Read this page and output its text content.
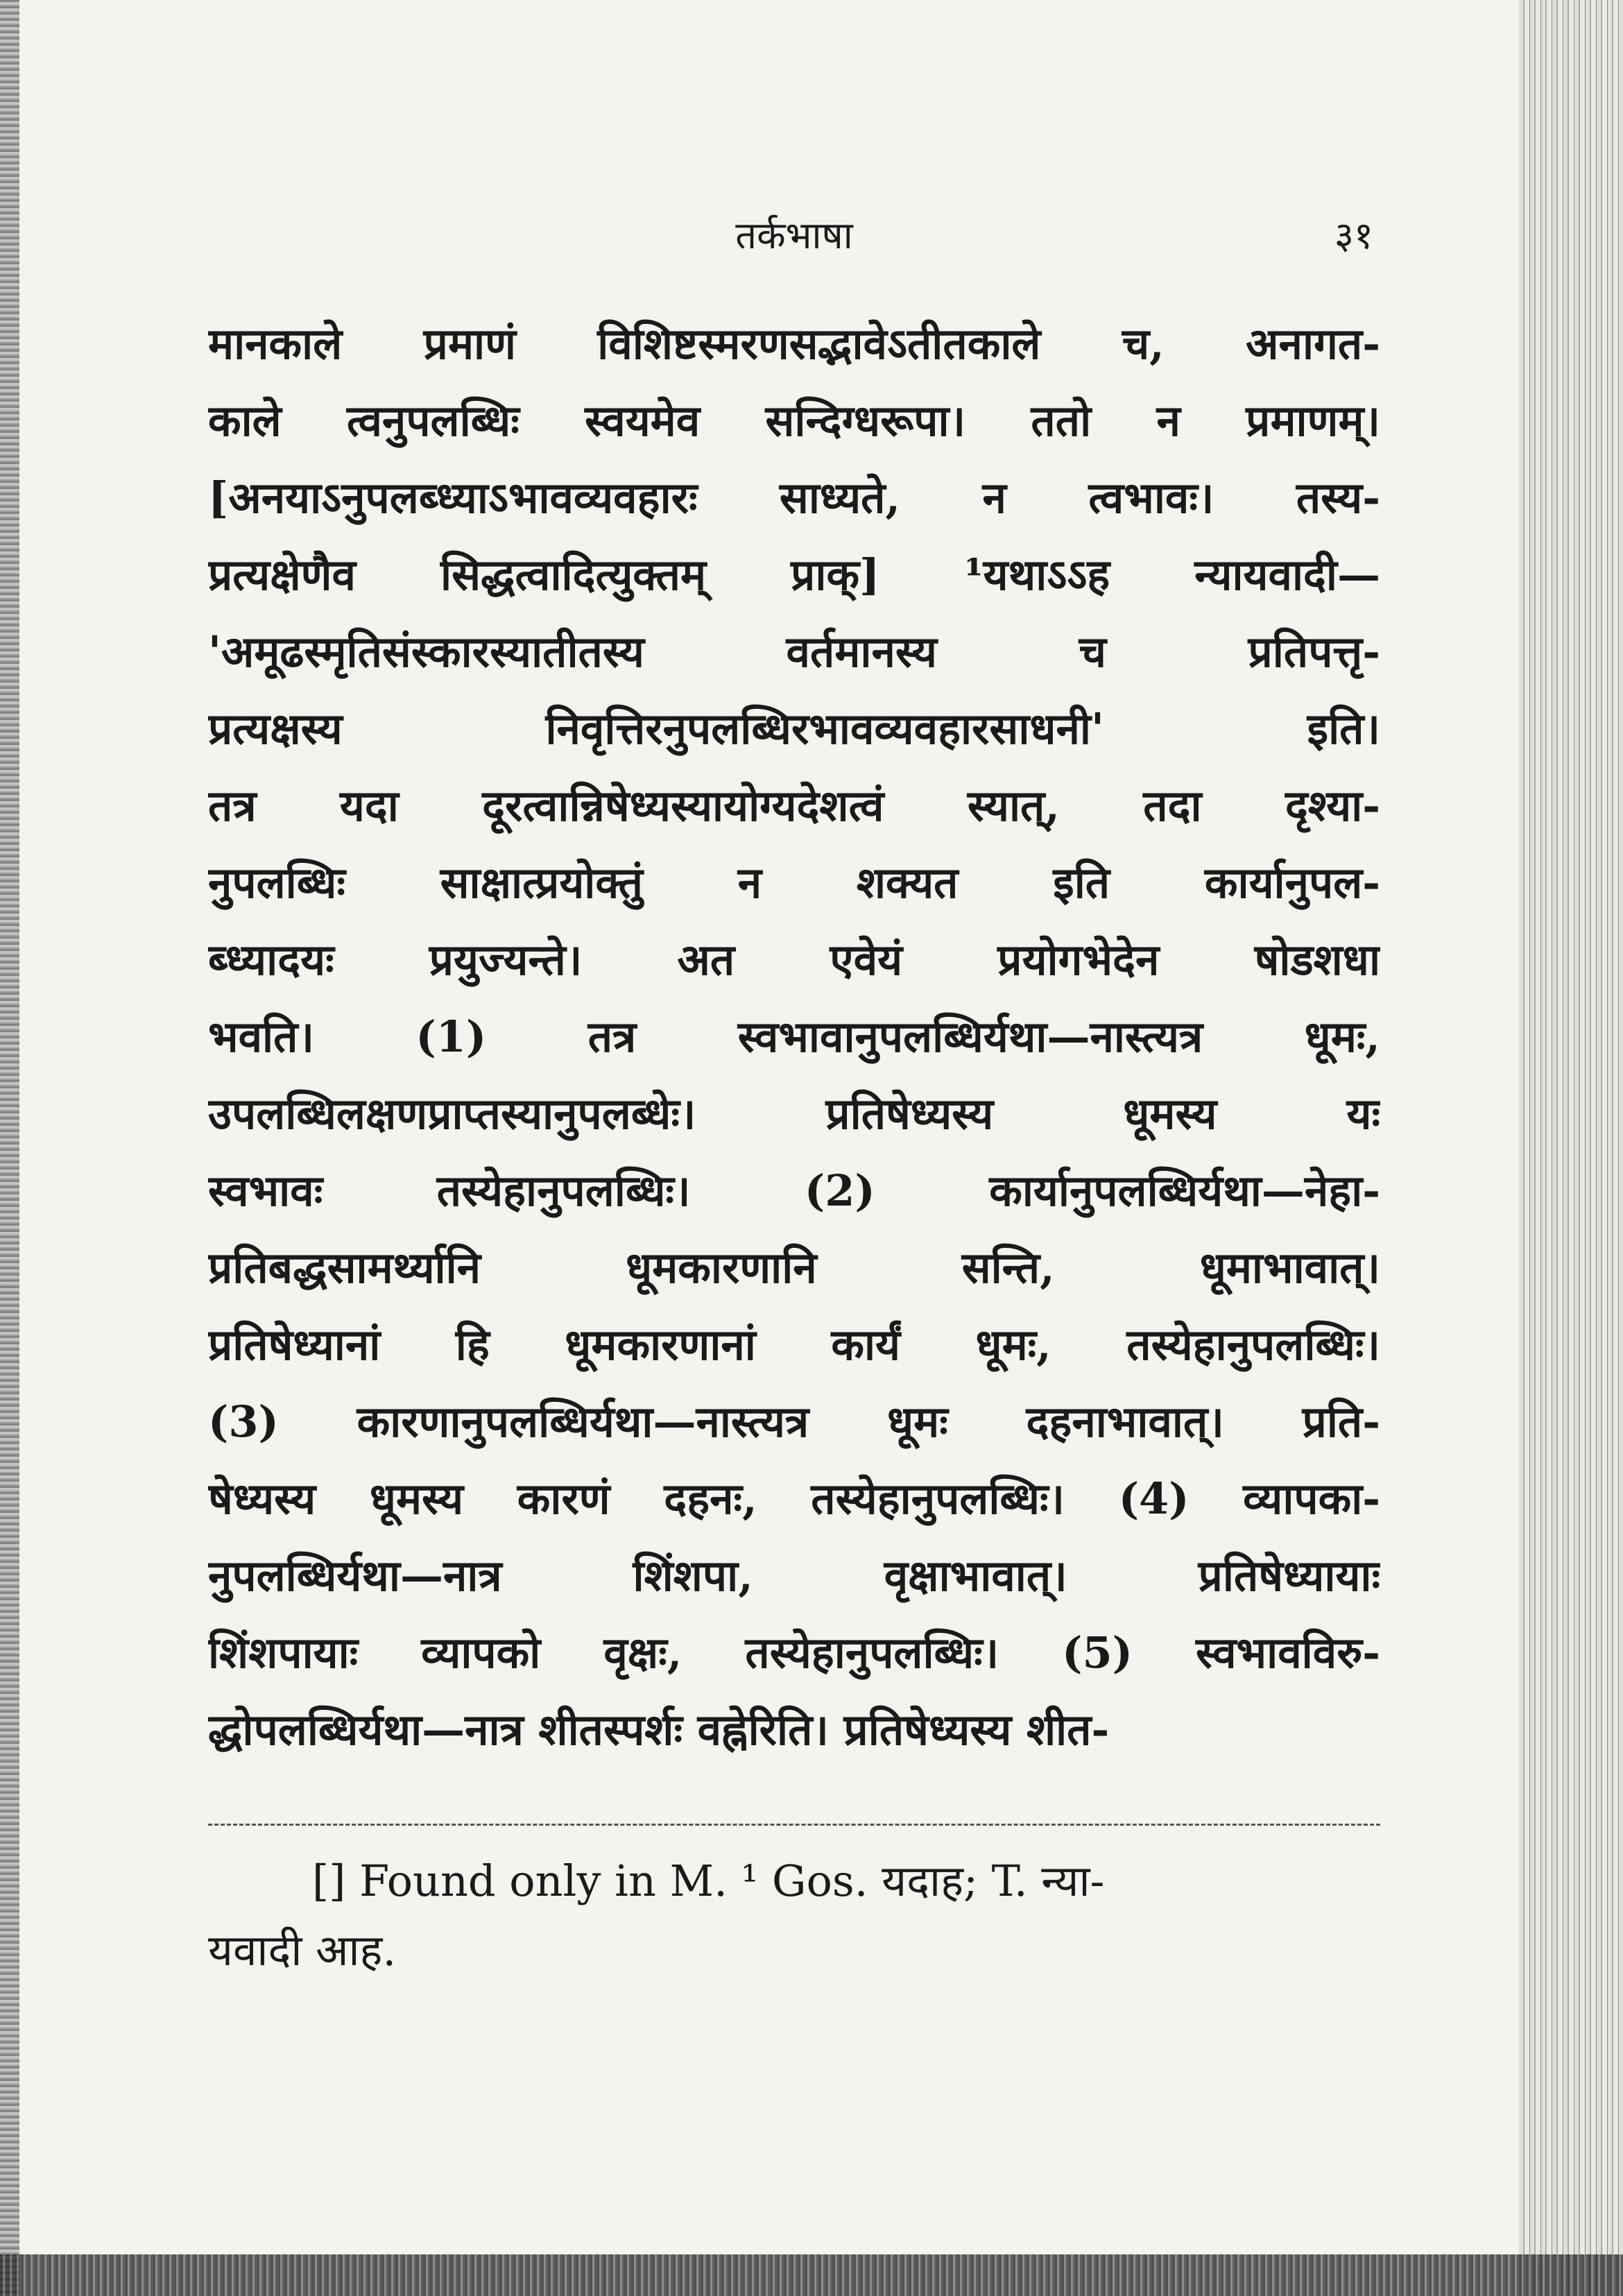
तर्कभाषा	३१
मानकाले प्रमाणं विशिष्टस्मरणसद्भावेऽतीतकाले च, अनागत-
काले त्वनुपलब्धिः स्वयमेव सन्दिग्धरूपा। ततो न प्रमाणम्।
[अनयाऽनुपलब्ध्याऽभावव्यवहारः साध्यते, न त्वभावः। तस्य-
प्रत्यक्षेणैव सिद्धत्वादित्युक्तम् प्राक्] ¹यथाऽऽह न्यायवादी—
'अमूढस्मृतिसंस्कारस्यातीतस्य वर्तमानस्य च प्रतिपत्तृ-
प्रत्यक्षस्य निवृत्तिरनुपलब्धिरभावव्यवहारसाधनी' इति।
तत्र यदा दूरत्वान्निषेध्यस्यायोग्यदेशत्वं स्यात्, तदा दृश्या-
नुपलब्धिः साक्षात्प्रयोक्तुं न शक्यत इति कार्यानुपल-
ब्ध्यादयः प्रयुज्यन्ते। अत एवेयं प्रयोगभेदेन षोडशधा
भवति। (1) तत्र स्वभावानुपलब्धिर्यथा—नास्त्यत्र धूमः,
उपलब्धिलक्षणप्राप्तस्यानुपलब्धेः। प्रतिषेध्यस्य धूमस्य यः
स्वभावः तस्येहानुपलब्धिः। (2) कार्यानुपलब्धिर्यथा—नेहा-
प्रतिबद्धसामर्थ्यानि धूमकारणानि सन्ति, धूमाभावात्।
प्रतिषेध्यानां हि धूमकारणानां कार्यं धूमः, तस्येहानुपलब्धिः।
(3) कारणानुपलब्धिर्यथा—नास्त्यत्र धूमः दहनाभावात्। प्रति-
षेध्यस्य धूमस्य कारणं दहनः, तस्येहानुपलब्धिः। (4) व्यापका-
नुपलब्धिर्यथा—नात्र शिंशपा, वृक्षाभावात्। प्रतिषेध्यायाः
शिंशपायाः व्यापको वृक्षः, तस्येहानुपलब्धिः। (5) स्वभावविरु-
द्धोपलब्धिर्यथा—नात्र शीतस्पर्शः वह्नेरिति। प्रतिषेध्यस्य शीत-
[] Found only in M. ¹ Gos. यदाह; T. न्या-
यवादी आह.
